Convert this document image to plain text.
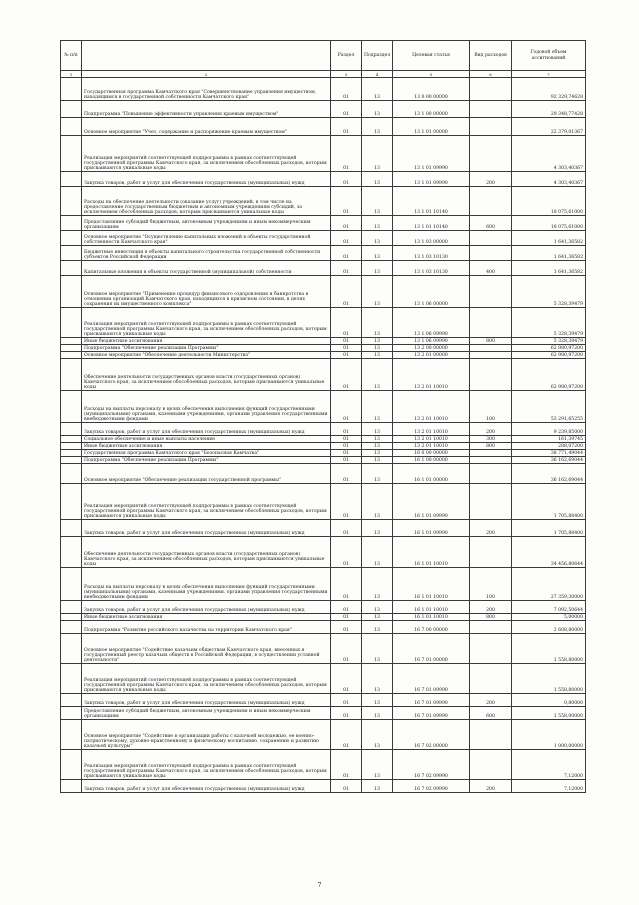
№ п/п		Раздел	Подраздел	Целевая статья	Вид расходов	Годовой объем ассигнований
1	2	3	4	5	6	7
	Государственная программа Камчатского края "Совершенствование управления имуществом, находящимся в государственной собственности Камчатского края"	01	13	13 0 00 00000		92 329,74628
	Подпрограмма "Повышение эффективности управления краевым имуществом"	01	13	13 1 00 00000		29 348,77428
	Основное мероприятие "Учет, содержание и распоряжение краевым имуществом"	01	13	13 1 01 00000		22 379,01367
	Реализация мероприятий соответствующей подпрограммы в рамках соответствующей государственной программы Камчатского края, за исключением обособленных расходов, которым присваиваются уникальные коды	01	13	13 1 01 09990		4 303,40367
	Закупка товаров, работ и услуг для обеспечения государственных (муниципальных) нужд	01	13	13 1 01 09990	200	4 303,40367
	Расходы на обеспечение деятельности (оказание услуг) учреждений, в том числе на предоставление государственным бюджетным и автономным учреждениям субсидий, за исключением обособленных расходов, которым присваиваются уникальные коды	01	13	13 1 01 10140		18 075,61000
	Предоставление субсидий бюджетным, автономным учреждениям и иным некоммерческим организациям	01	13	13 1 01 10140	600	18 075,61000
	Основное мероприятие "Осуществление капитальных вложений в объекты государственной собственности Камчатского края"	01	13	13 1 03 00000		1 641,36582
	Бюджетные инвестиции в объекты капитального строительства государственной собственности субъектов Российской Федерации	01	13	13 1 03 10130		1 641,36582
	Капитальные вложения в объекты государственной (муниципальной) собственности	01	13	13 1 03 10130	400	1 641,36582
	Основное мероприятие "Применение процедур финансового оздоровления и банкротства в отношении организаций Камчатского края, находящихся в кризисном состоянии, в целях сохранения их имущественного комплекса"	01	13	13 1 06 00000		5 328,39479
	Реализация мероприятий соответствующей подпрограммы в рамках соответствующей государственной программы Камчатского края, за исключением обособленных расходов, которым присваиваются уникальные коды	01	13	13 1 06 09990		5 328,39479
	Иные бюджетные ассигнования	01	13	13 1 06 09990	800	5 328,39479
	Подпрограмма "Обеспечение реализации Программы"	01	13	13 2 00 00000		62 980,97200
	Основное мероприятие "Обеспечение деятельности Министерства"	01	13	13 2 01 00000		62 980,97200
	Обеспечение деятельности государственных органов власти (государственных органов) Камчатского края, за исключением обособленных расходов, которым присваиваются уникальные коды	01	13	13 2 01 10010		62 980,97200
	Расходы на выплаты персоналу в целях обеспечения выполнения функций государственными (муниципальными) органами, казенными учреждениями, органами управления государственными внебюджетными фондами	01	13	13 2 01 10010	100	53 291,65255
	Закупка товаров, работ и услуг для обеспечения государственных (муниципальных) нужд	01	13	13 2 01 10010	200	9 239,85000
	Социальное обеспечение и иные выплаты населению	01	13	13 2 01 10010	300	161,39745
	Иные бюджетные ассигнования	01	13	13 2 01 10010	800	288,07200
	Государственная программа Камчатского края "Безопасная Камчатка"	01	13	16 0 00 00000		38 771,49044
	Подпрограмма "Обеспечение реализации Программы"	01	13	16 1 00 00000		36 162,69044
	Основное мероприятие "Обеспечение реализации государственной программы"	01	13	16 1 01 00000		36 162,69044
	Реализация мероприятий соответствующей подпрограммы в рамках соответствующей государственной программы Камчатского края, за исключением обособленных расходов, которым присваиваются уникальные коды	01	13	16 1 01 09990		1 705,88400
	Закупка товаров, работ и услуг для обеспечения государственных (муниципальных) нужд	01	13	16 1 01 09990	200	1 705,88400
	Обеспечение деятельности государственных органов власти (государственных органов) Камчатского края, за исключением обособленных расходов, которым присваиваются уникальные коды	01	13	16 1 01 10010		34 456,80644
	Расходы на выплаты персоналу в целях обеспечения выполнения функций государственными (муниципальными) органами, казенными учреждениями, органами управления государственными внебюджетными фондами	01	13	16 1 01 10010	100	27 359,30000
	Закупка товаров, работ и услуг для обеспечения государственных (муниципальных) нужд	01	13	16 1 01 10010	200	7 092,50644
	Иные бюджетные ассигнования	01	13	16 1 01 10010	800	5,00000
	Подпрограмма "Развитие российского казачества на территории Камчатского края"	01	13	16 7 00 00000		2 608,80000
	Основное мероприятие "Содействие казачьим обществам Камчатского края, внесенных в государственный реестр казачьих обществ в Российской Федерации, в осуществлении уставной деятельности"	01	13	16 7 01 00000		1 558,80000
	Реализация мероприятий соответствующей подпрограммы в рамках соответствующей государственной программы Камчатского края, за исключением обособленных расходов, которым присваиваются уникальные коды	01	13	16 7 01 09990		1 558,80000
	Закупка товаров, работ и услуг для обеспечения государственных (муниципальных) нужд	01	13	16 7 01 09990	200	0,80000
	Предоставление субсидий бюджетным, автономным учреждениям и иным некоммерческим организациям	01	13	16 7 01 09990	600	1 558,00000
	Основное мероприятие "Содействие в организации работы с казачьей молодежью, ее военно-патриотическому, духовно-нравственному и физическому воспитанию, сохранению и развитию казачьей культуры"	01	13	16 7 02 00000		1 000,00000
	Реализация мероприятий соответствующей подпрограммы в рамках соответствующей государственной программы Камчатского края, за исключением обособленных расходов, которым присваиваются уникальные коды	01	13	16 7 02 09990		7,12000
	Закупка товаров, работ и услуг для обеспечения государственных (муниципальных) нужд	01	13	16 7 02 09990	200	7,12000
7
